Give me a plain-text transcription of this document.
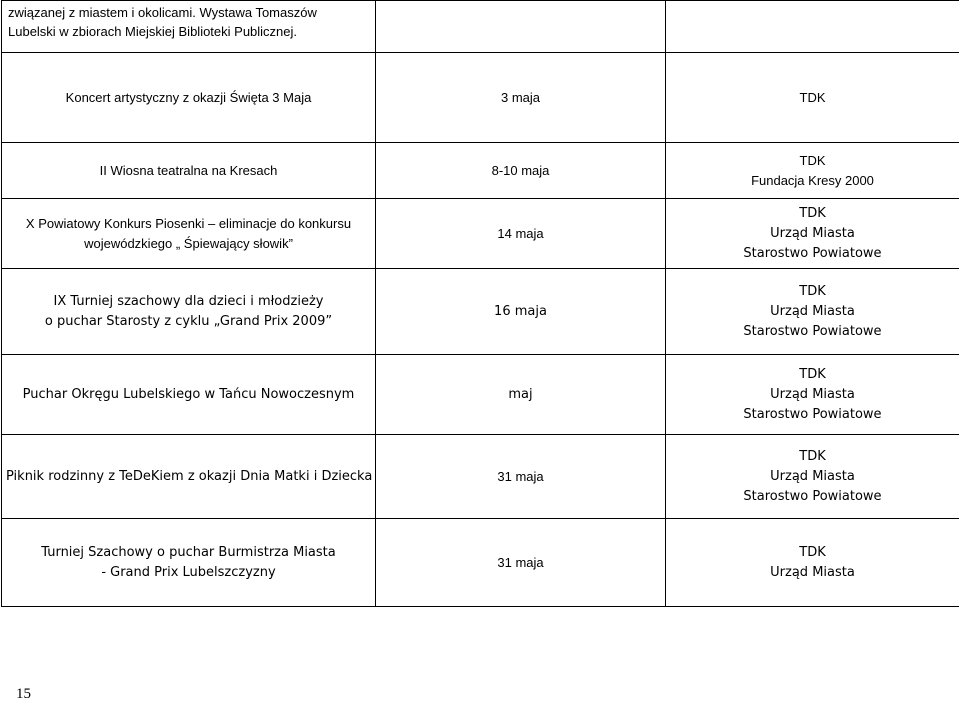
związanej z miastem i okolicami. Wystawa Tomaszów
Lubelski w zbiorach Miejskiej Biblioteki Publicznej.		

Koncert artystyczny z okazji Święta 3 Maja	3 maja	TDK

II Wiosna teatralna na Kresach	8-10 maja	TDK
Fundacja Kresy 2000

X Powiatowy Konkurs Piosenki – eliminacje do konkursu
wojewódzkiego „ Śpiewający słowik”	14 maja	TDK
Urząd Miasta
Starostwo Powiatowe

IX Turniej szachowy dla dzieci i młodzieży
o puchar Starosty z cyklu „Grand Prix 2009”	16 maja	TDK
Urząd Miasta
Starostwo Powiatowe

Puchar Okręgu Lubelskiego w Tańcu Nowoczesnym	maj	TDK
Urząd Miasta
Starostwo Powiatowe

Piknik rodzinny z TeDeKiem z okazji Dnia Matki i Dziecka	31 maja	TDK
Urząd Miasta
Starostwo Powiatowe

Turniej Szachowy o puchar Burmistrza Miasta
- Grand Prix Lubelszczyzny	31 maja	TDK
Urząd Miasta
15
